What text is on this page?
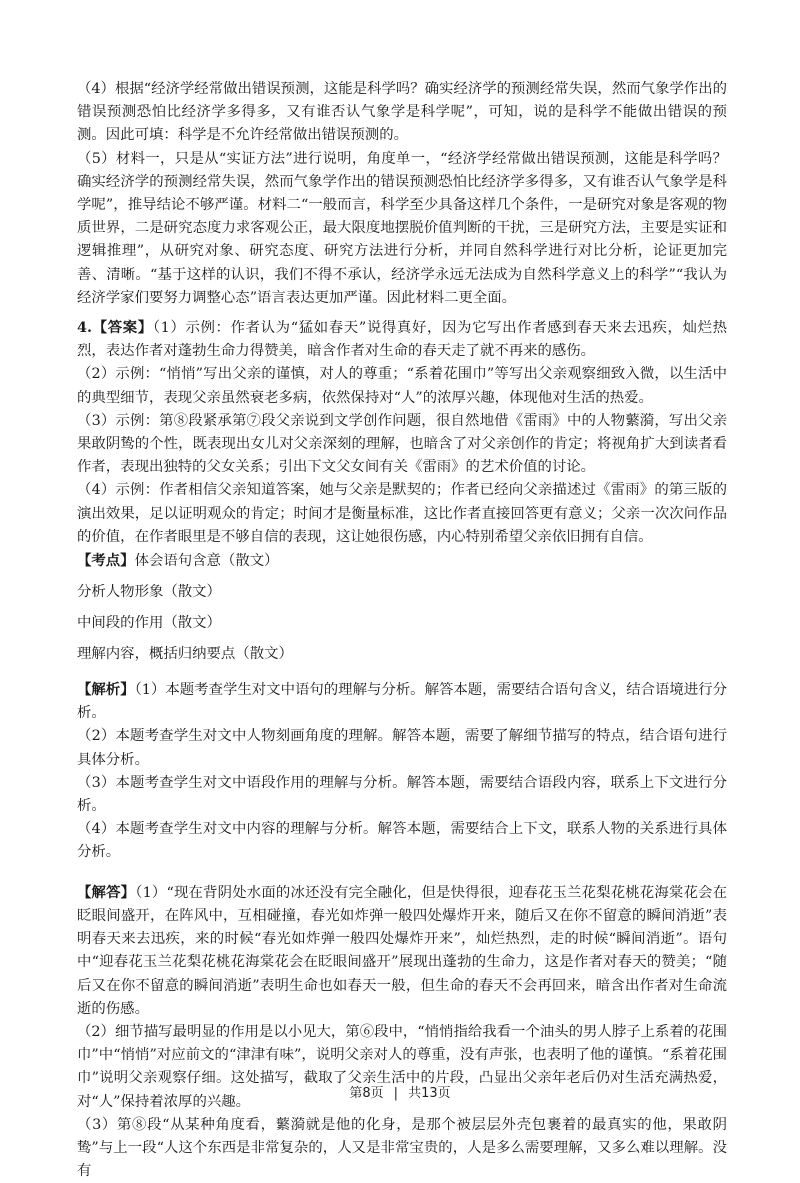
（4）根据“经济学经常做出错误预测，这能是科学吗？确实经济学的预测经常失误，然而气象学作出的错误预测恐怕比经济学多得多，又有谁否认气象学是科学呢”，可知，说的是科学不能做出错误的预测。因此可填：科学是不允许经常做出错误预测的。

（5）材料一，只是从“实证方法”进行说明，角度单一，“经济学经常做出错误预测，这能是科学吗？确实经济学的预测经常失误，然而气象学作出的错误预测恐怕比经济学多得多，又有谁否认气象学是科学呢”，推导结论不够严谨。材料二“一般而言，科学至少具备这样几个条件，一是研究对象是客观的物质世界，二是研究态度力求客观公正，最大限度地摆脱价值判断的干扰，三是研究方法，主要是实证和逻辑推理”，从研究对象、研究态度、研究方法进行分析，并同自然科学进行对比分析，论证更加完善、清晰。“基于这样的认识，我们不得不承认，经济学永远无法成为自然科学意义上的科学”“我认为经济学家们要努力调整心态”语言表达更加严谨。因此材料二更全面。

4.【答案】（1）示例：作者认为“猛如春天”说得真好，因为它写出作者感到春天来去迅疾，灿烂热烈，表达作者对蓬勃生命力得赞美，暗含作者对生命的春天走了就不再来的感伤。

（2）示例：“悄悄”写出父亲的谨慎，对人的尊重；“系着花围巾”等写出父亲观察细致入微，以生活中的典型细节，表现父亲虽然衰老多病，依然保持对“人”的浓厚兴趣，体现他对生活的热爱。

（3）示例：第⑧段紧承第⑦段父亲说到文学创作问题，很自然地借《雷雨》中的人物蘩漪，写出父亲果敢阴鸷的个性，既表现出女儿对父亲深刻的理解，也暗含了对父亲创作的肯定；将视角扩大到读者看作者，表现出独特的父女关系；引出下文父女间有关《雷雨》的艺术价值的讨论。

（4）示例：作者相信父亲知道答案，她与父亲是默契的；作者已经向父亲描述过《雷雨》的第三版的演出效果，足以证明观众的肯定；时间才是衡量标准，这比作者直接回答更有意义；父亲一次次问作品的价值，在作者眼里是不够自信的表现，这让她很伤感，内心特别希望父亲依旧拥有自信。

【考点】体会语句含意（散文）

分析人物形象（散文）

中间段的作用（散文）

理解内容，概括归纳要点（散文）

【解析】（1）本题考查学生对文中语句的理解与分析。解答本题，需要结合语句含义，结合语境进行分析。

（2）本题考查学生对文中人物刻画角度的理解。解答本题，需要了解细节描写的特点，结合语句进行具体分析。

（3）本题考查学生对文中语段作用的理解与分析。解答本题，需要结合语段内容，联系上下文进行分析。

（4）本题考查学生对文中内容的理解与分析。解答本题，需要结合上下文，联系人物的关系进行具体分析。

【解答】（1）“现在背阴处水面的冰还没有完全融化，但是快得很，迎春花玉兰花梨花桃花海棠花会在眨眼间盛开，在阵风中，互相碰撞，春光如炸弹一般四处爆炸开来，随后又在你不留意的瞬间消逝”表明春天来去迅疾，来的时候“春光如炸弹一般四处爆炸开来”，灿烂热烈，走的时候“瞬间消逝”。语句中“迎春花玉兰花梨花桃花海棠花会在眨眼间盛开”展现出蓬勃的生命力，这是作者对春天的赞美；“随后又在你不留意的瞬间消逝”表明生命也如春天一般，但生命的春天不会再回来，暗含出作者对生命流逝的伤感。

（2）细节描写最明显的作用是以小见大，第⑥段中，“悄悄指给我看一个油头的男人脖子上系着的花围巾”中“悄悄”对应前文的“津津有味”，说明父亲对人的尊重，没有声张，也表明了他的谨慎。“系着花围巾”说明父亲观察仔细。这处描写，截取了父亲生活中的片段，凸显出父亲年老后仍对生活充满热爱，对“人”保持着浓厚的兴趣。

（3）第⑧段“从某种角度看，蘩漪就是他的化身，是那个被层层外壳包裹着的最真实的他，果敢阴鸷”与上一段“人这个东西是非常复杂的，人又是非常宝贵的，人是多么需要理解，又多么难以理解。没有

第8页 | 共13页
